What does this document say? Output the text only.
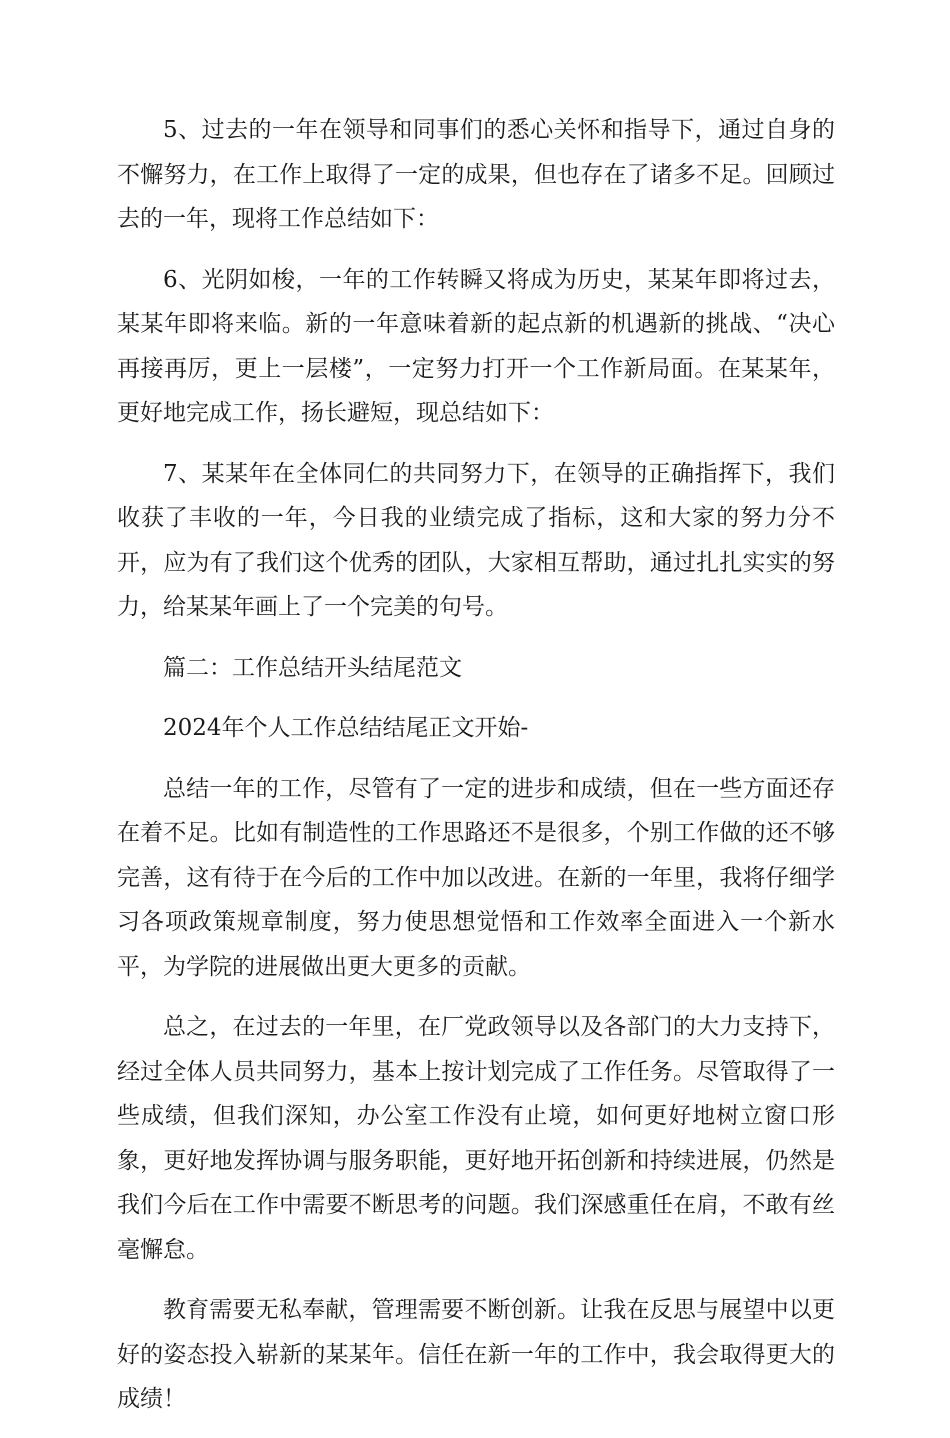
5、过去的一年在领导和同事们的悉心关怀和指导下，通过自身的不懈努力，在工作上取得了一定的成果，但也存在了诸多不足。回顾过去的一年，现将工作总结如下：

6、光阴如梭，一年的工作转瞬又将成为历史，某某年即将过去，某某年即将来临。新的一年意味着新的起点新的机遇新的挑战、“决心再接再厉，更上一层楼”，一定努力打开一个工作新局面。在某某年，更好地完成工作，扬长避短，现总结如下：

7、某某年在全体同仁的共同努力下，在领导的正确指挥下，我们收获了丰收的一年，今日我的业绩完成了指标，这和大家的努力分不开，应为有了我们这个优秀的团队，大家相互帮助，通过扎扎实实的努力，给某某年画上了一个完美的句号。

篇二：工作总结开头结尾范文

2024年个人工作总结结尾正文开始-

总结一年的工作，尽管有了一定的进步和成绩，但在一些方面还存在着不足。比如有制造性的工作思路还不是很多，个别工作做的还不够完善，这有待于在今后的工作中加以改进。在新的一年里，我将仔细学习各项政策规章制度，努力使思想觉悟和工作效率全面进入一个新水平，为学院的进展做出更大更多的贡献。

总之，在过去的一年里，在厂党政领导以及各部门的大力支持下，经过全体人员共同努力，基本上按计划完成了工作任务。尽管取得了一些成绩，但我们深知，办公室工作没有止境，如何更好地树立窗口形象，更好地发挥协调与服务职能，更好地开拓创新和持续进展，仍然是我们今后在工作中需要不断思考的问题。我们深感重任在肩，不敢有丝毫懈怠。

教育需要无私奉献，管理需要不断创新。让我在反思与展望中以更好的姿态投入崭新的某某年。信任在新一年的工作中，我会取得更大的成绩！
